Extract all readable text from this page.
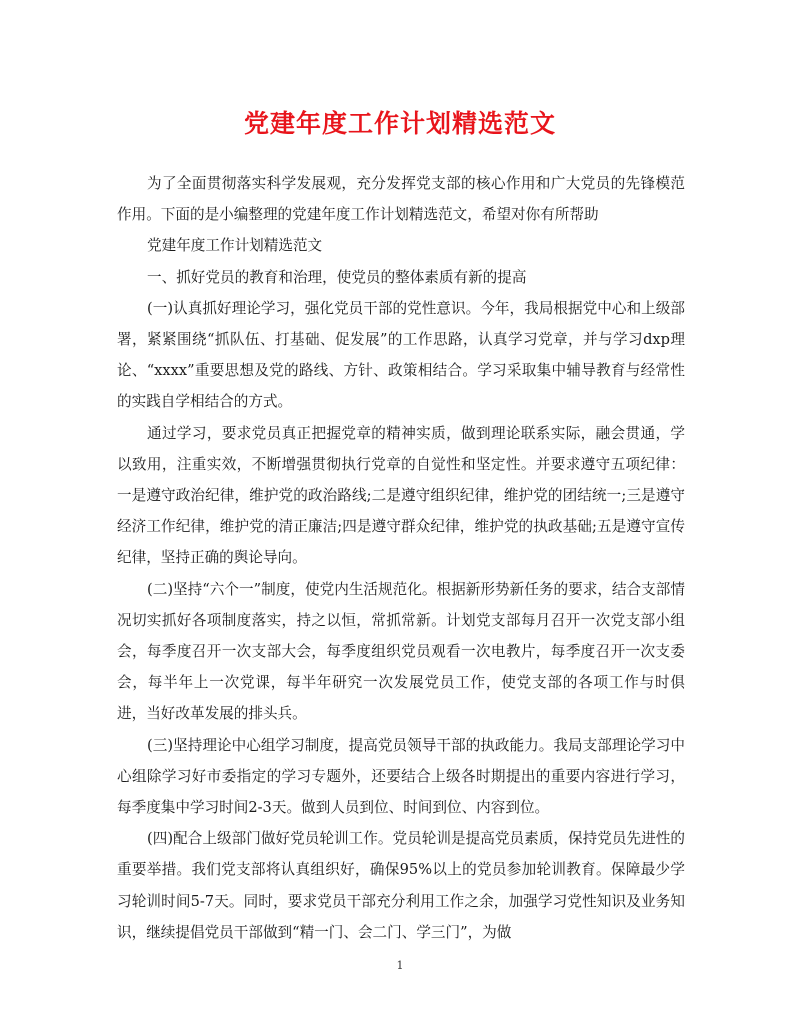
党建年度工作计划精选范文

为了全面贯彻落实科学发展观，充分发挥党支部的核心作用和广大党员的先锋模范作用。下面的是小编整理的党建年度工作计划精选范文，希望对你有所帮助

党建年度工作计划精选范文

一、抓好党员的教育和治理，使党员的整体素质有新的提高

(一)认真抓好理论学习，强化党员干部的党性意识。今年，我局根据党中心和上级部署，紧紧围绕“抓队伍、打基础、促发展”的工作思路，认真学习党章，并与学习dxp理论、“xxxx”重要思想及党的路线、方针、政策相结合。学习采取集中辅导教育与经常性的实践自学相结合的方式。

通过学习，要求党员真正把握党章的精神实质，做到理论联系实际，融会贯通，学以致用，注重实效，不断增强贯彻执行党章的自觉性和坚定性。并要求遵守五项纪律：一是遵守政治纪律，维护党的政治路线;二是遵守组织纪律，维护党的团结统一;三是遵守经济工作纪律，维护党的清正廉洁;四是遵守群众纪律，维护党的执政基础;五是遵守宣传纪律，坚持正确的舆论导向。

(二)坚持“六个一”制度，使党内生活规范化。根据新形势新任务的要求，结合支部情况切实抓好各项制度落实，持之以恒，常抓常新。计划党支部每月召开一次党支部小组会，每季度召开一次支部大会，每季度组织党员观看一次电教片，每季度召开一次支委会，每半年上一次党课，每半年研究一次发展党员工作，使党支部的各项工作与时俱进，当好改革发展的排头兵。

(三)坚持理论中心组学习制度，提高党员领导干部的执政能力。我局支部理论学习中心组除学习好市委指定的学习专题外，还要结合上级各时期提出的重要内容进行学习，每季度集中学习时间2-3天。做到人员到位、时间到位、内容到位。

(四)配合上级部门做好党员轮训工作。党员轮训是提高党员素质，保持党员先进性的重要举措。我们党支部将认真组织好，确保95%以上的党员参加轮训教育。保障最少学习轮训时间5-7天。同时，要求党员干部充分利用工作之余，加强学习党性知识及业务知识，继续提倡党员干部做到“精一门、会二门、学三门”，为做

1
